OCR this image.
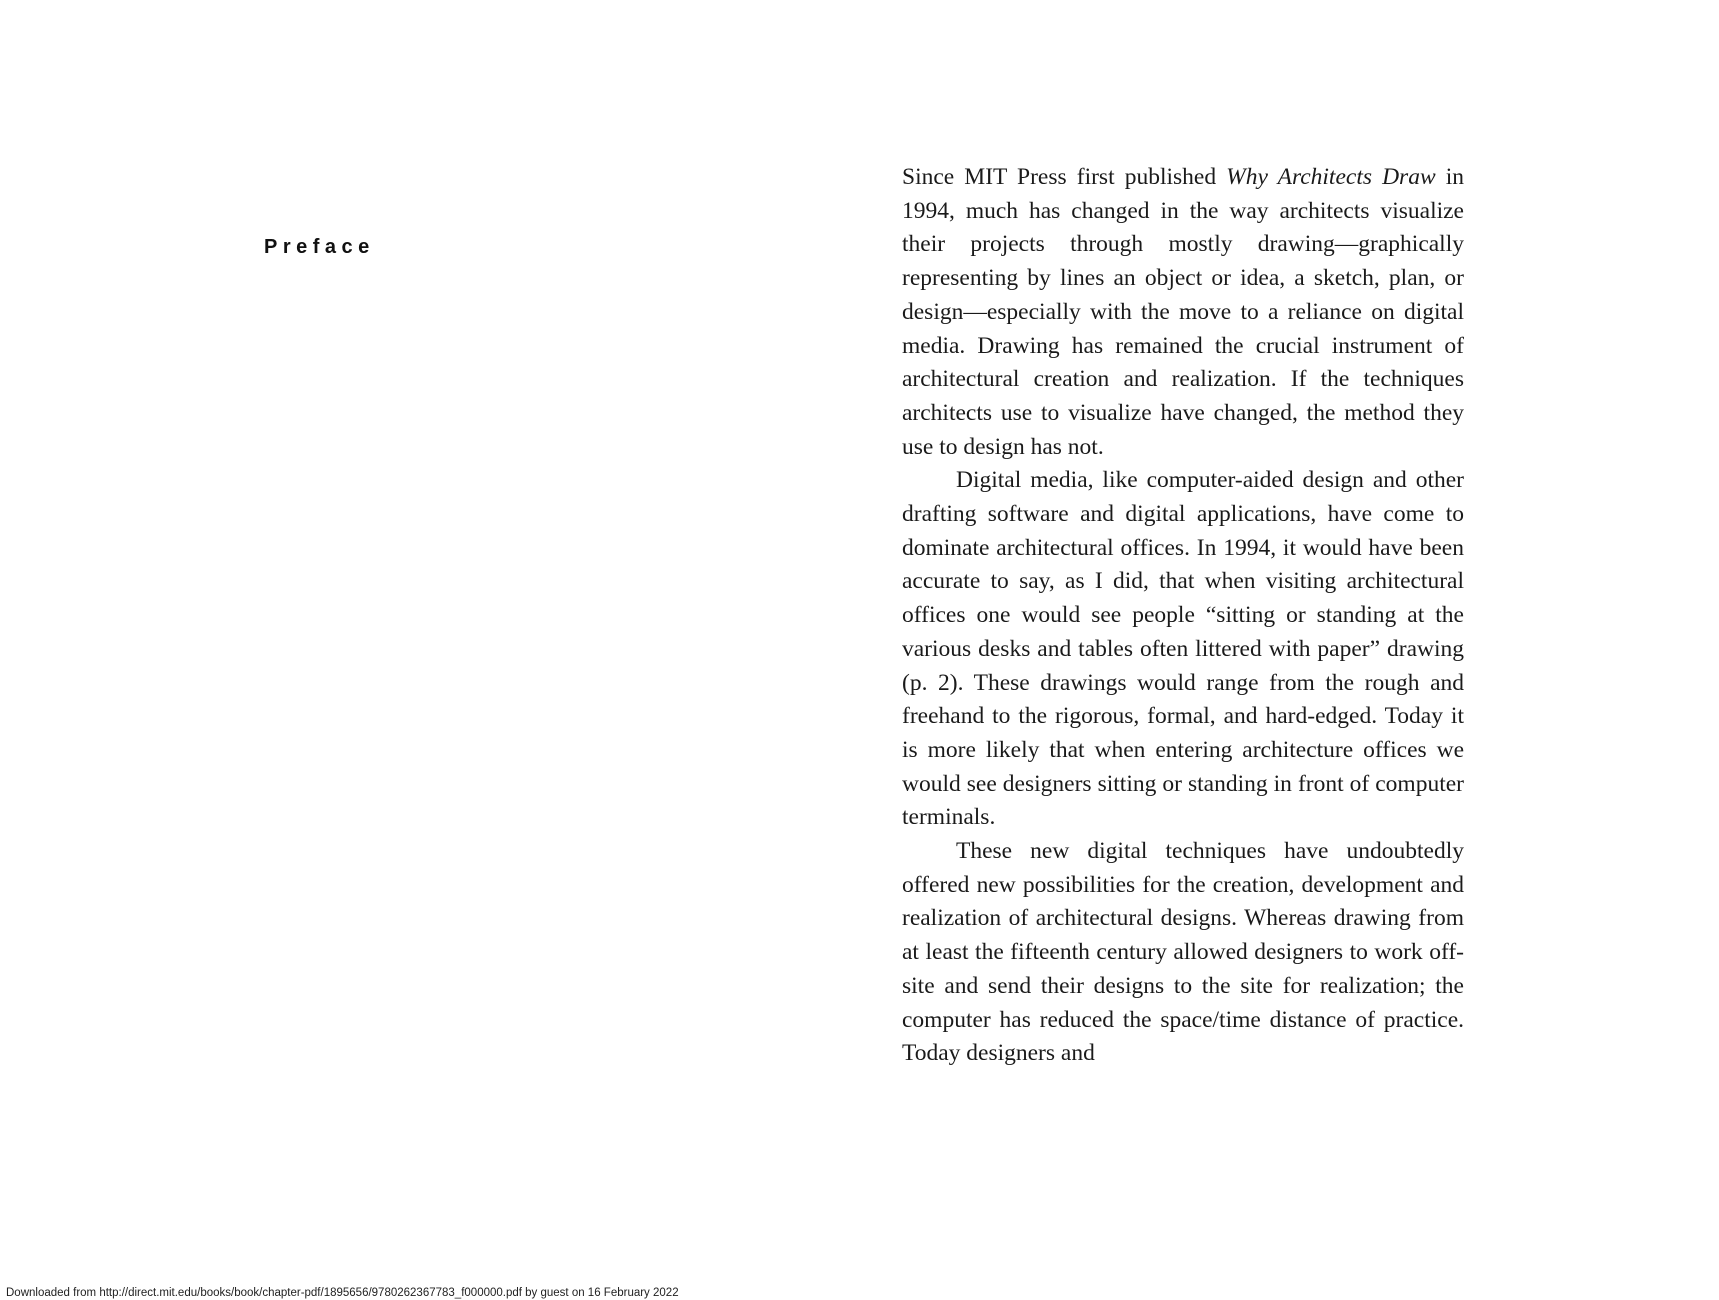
Preface

Since MIT Press first published Why Architects Draw in 1994, much has changed in the way architects visualize their projects through mostly drawing—graphically representing by lines an object or idea, a sketch, plan, or design—especially with the move to a reliance on digital media. Drawing has remained the crucial instrument of architectural creation and realization. If the techniques architects use to visualize have changed, the method they use to design has not.

Digital media, like computer-aided design and other drafting software and digital applications, have come to dominate architectural offices. In 1994, it would have been accurate to say, as I did, that when visiting architectural offices one would see people “sitting or standing at the various desks and tables often littered with paper” drawing (p. 2). These drawings would range from the rough and freehand to the rigorous, formal, and hard-edged. Today it is more likely that when entering architecture offices we would see designers sitting or standing in front of computer terminals.

These new digital techniques have undoubtedly offered new possibilities for the creation, development and realization of architectural designs. Whereas drawing from at least the fifteenth century allowed designers to work off-site and send their designs to the site for realization; the computer has reduced the space/time distance of practice. Today designers and

Downloaded from http://direct.mit.edu/books/book/chapter-pdf/1895656/9780262367783_f000000.pdf by guest on 16 February 2022
